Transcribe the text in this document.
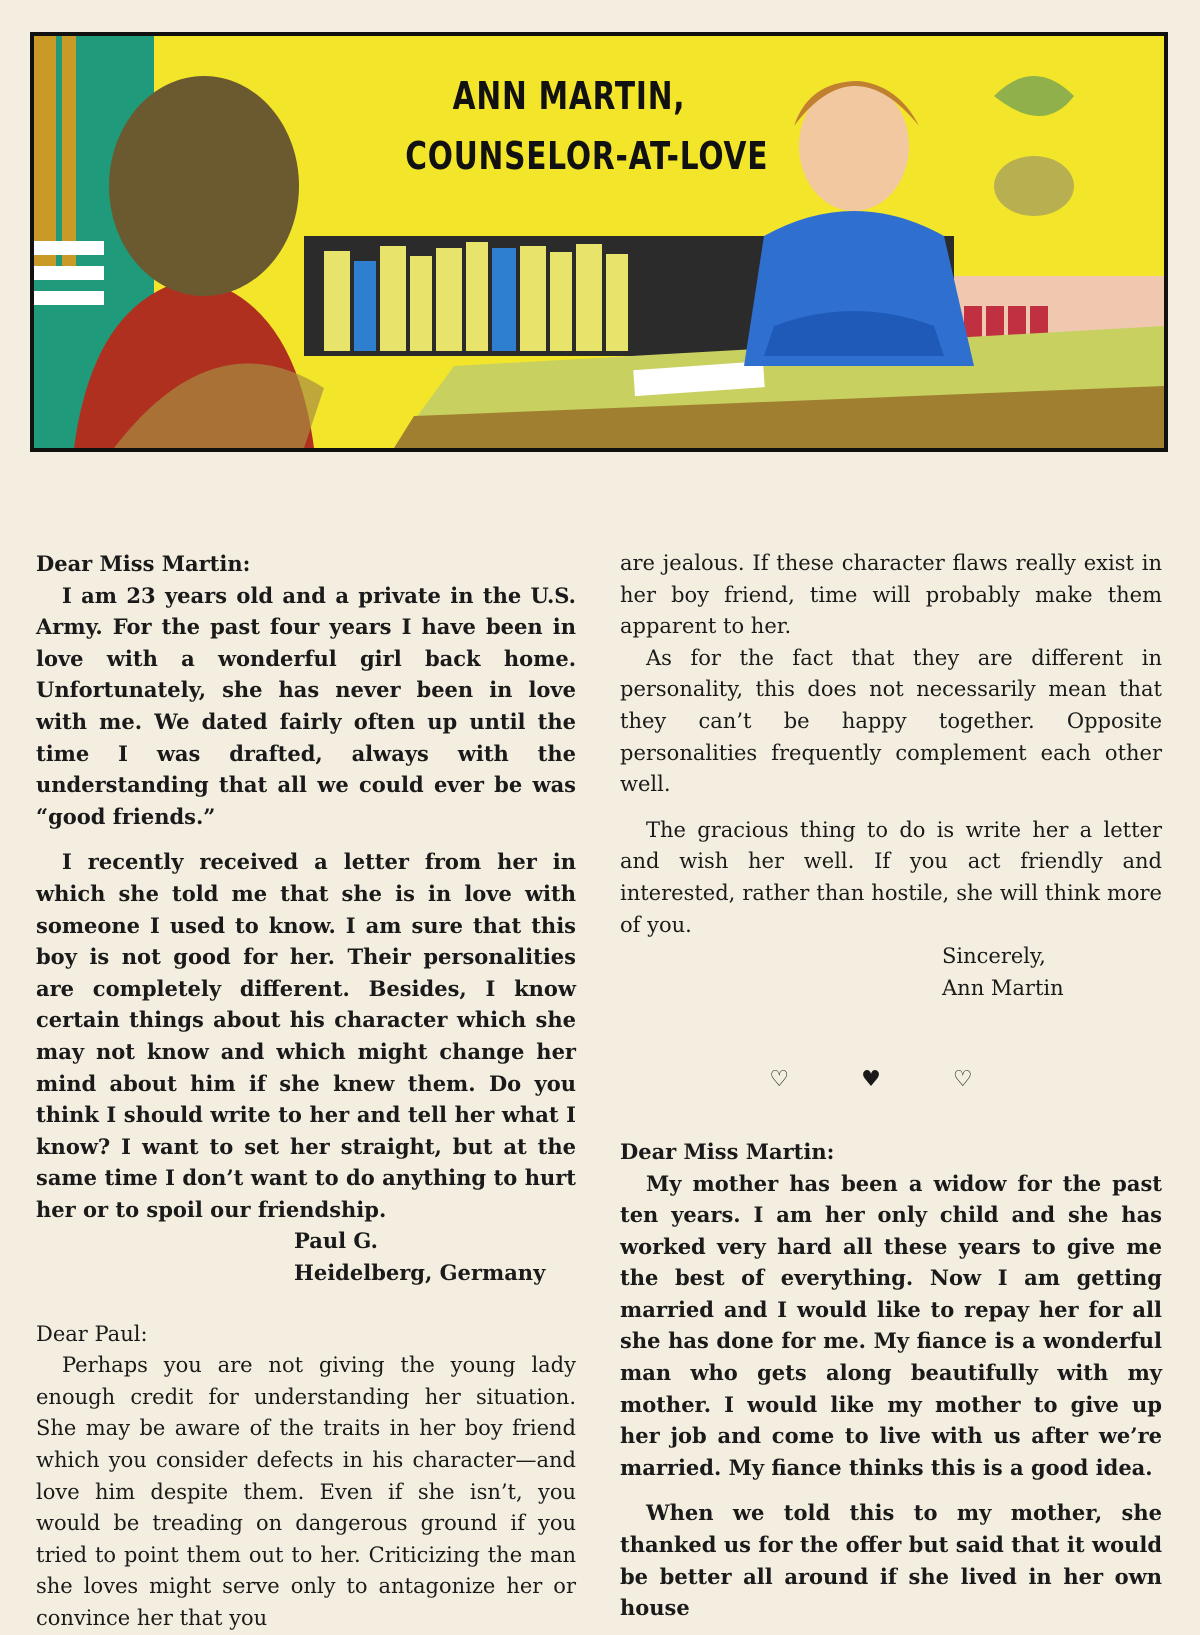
ANN MARTIN,
COUNSELOR-AT-LOVE

Dear Miss Martin:

I am 23 years old and a private in the U.S. Army. For the past four years I have been in love with a wonderful girl back home. Unfortunately, she has never been in love with me. We dated fairly often up until the time I was drafted, always with the understanding that all we could ever be was “good friends.”

I recently received a letter from her in which she told me that she is in love with someone I used to know. I am sure that this boy is not good for her. Their personalities are completely different. Besides, I know certain things about his character which she may not know and which might change her mind about him if she knew them. Do you think I should write to her and tell her what I know? I want to set her straight, but at the same time I don’t want to do anything to hurt her or to spoil our friendship.

Paul G.

Heidelberg, Germany

Dear Paul:

Perhaps you are not giving the young lady enough credit for understanding her situation. She may be aware of the traits in her boy friend which you consider defects in his character—and love him despite them. Even if she isn’t, you would be treading on dangerous ground if you tried to point them out to her. Criticizing the man she loves might serve only to antagonize her or convince her that you

are jealous. If these character flaws really exist in her boy friend, time will probably make them apparent to her.

As for the fact that they are different in personality, this does not necessarily mean that they can’t be happy together. Opposite personalities frequently complement each other well.

The gracious thing to do is write her a letter and wish her well. If you act friendly and interested, rather than hostile, she will think more of you.

Sincerely,

Ann Martin

♡	♥	♡

Dear Miss Martin:

My mother has been a widow for the past ten years. I am her only child and she has worked very hard all these years to give me the best of everything. Now I am getting married and I would like to repay her for all she has done for me. My fiance is a wonderful man who gets along beautifully with my mother. I would like my mother to give up her job and come to live with us after we’re married. My fiance thinks this is a good idea.

When we told this to my mother, she thanked us for the offer but said that it would be better all around if she lived in her own house
